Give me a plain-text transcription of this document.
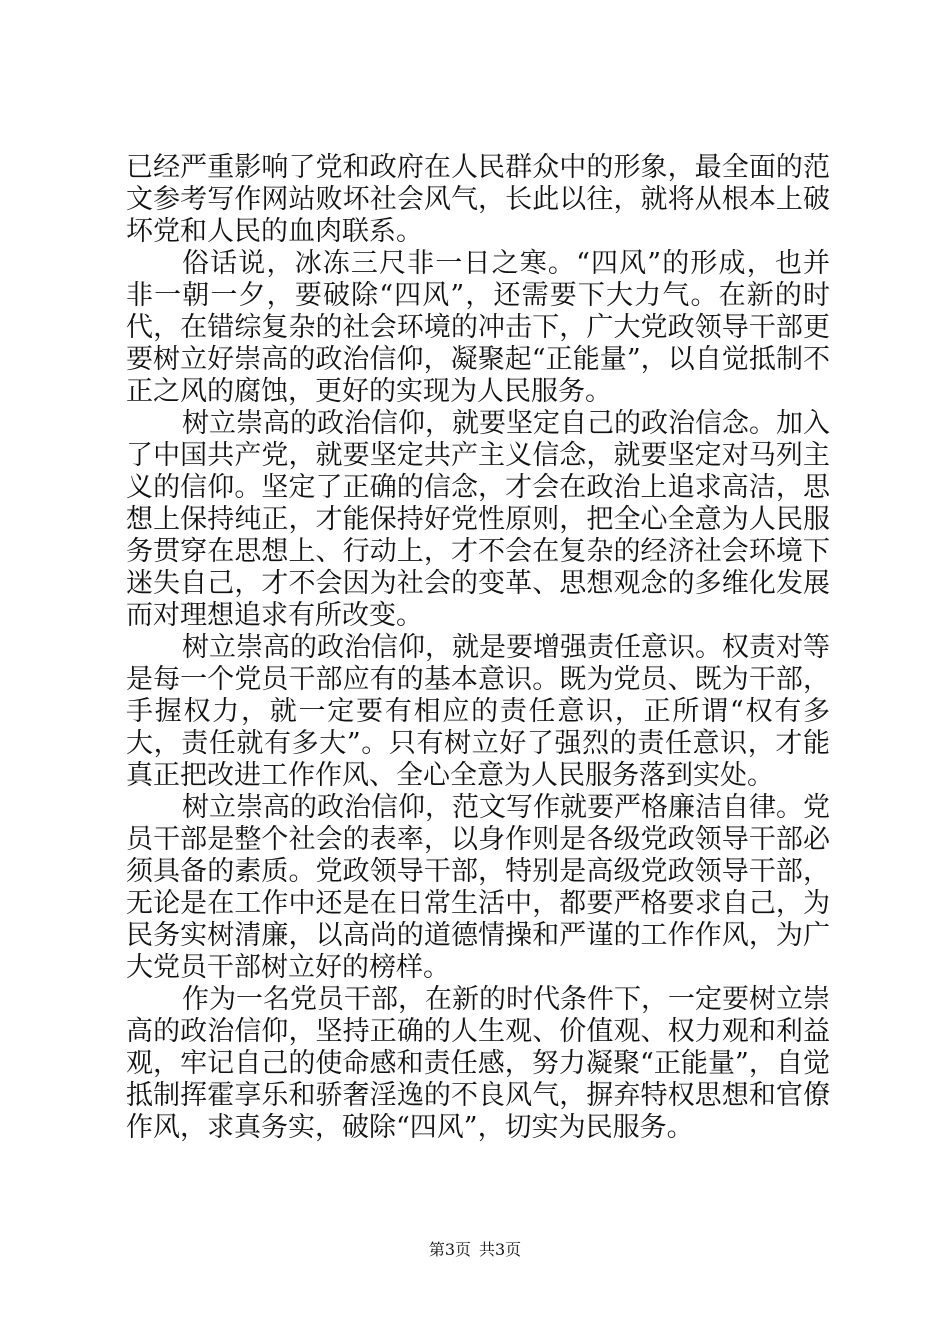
已经严重影响了党和政府在人民群众中的形象，最全面的范文参考写作网站败坏社会风气，长此以往，就将从根本上破坏党和人民的血肉联系。

俗话说，冰冻三尺非一日之寒。“四风”的形成，也并非一朝一夕，要破除“四风”，还需要下大力气。在新的时代，在错综复杂的社会环境的冲击下，广大党政领导干部更要树立好崇高的政治信仰，凝聚起“正能量”，以自觉抵制不正之风的腐蚀，更好的实现为人民服务。

树立崇高的政治信仰，就要坚定自己的政治信念。加入了中国共产党，就要坚定共产主义信念，就要坚定对马列主义的信仰。坚定了正确的信念，才会在政治上追求高洁，思想上保持纯正，才能保持好党性原则，把全心全意为人民服务贯穿在思想上、行动上，才不会在复杂的经济社会环境下迷失自己，才不会因为社会的变革、思想观念的多维化发展而对理想追求有所改变。

树立崇高的政治信仰，就是要增强责任意识。权责对等是每一个党员干部应有的基本意识。既为党员、既为干部，手握权力，就一定要有相应的责任意识，正所谓“权有多大，责任就有多大”。只有树立好了强烈的责任意识，才能真正把改进工作作风、全心全意为人民服务落到实处。

树立崇高的政治信仰，范文写作就要严格廉洁自律。党员干部是整个社会的表率，以身作则是各级党政领导干部必须具备的素质。党政领导干部，特别是高级党政领导干部，无论是在工作中还是在日常生活中，都要严格要求自己，为民务实树清廉，以高尚的道德情操和严谨的工作作风，为广大党员干部树立好的榜样。

作为一名党员干部，在新的时代条件下，一定要树立崇高的政治信仰，坚持正确的人生观、价值观、权力观和利益观，牢记自己的使命感和责任感，努力凝聚“正能量”，自觉抵制挥霍享乐和骄奢淫逸的不良风气，摒弃特权思想和官僚作风，求真务实，破除“四风”，切实为民服务。

第3页 共3页
